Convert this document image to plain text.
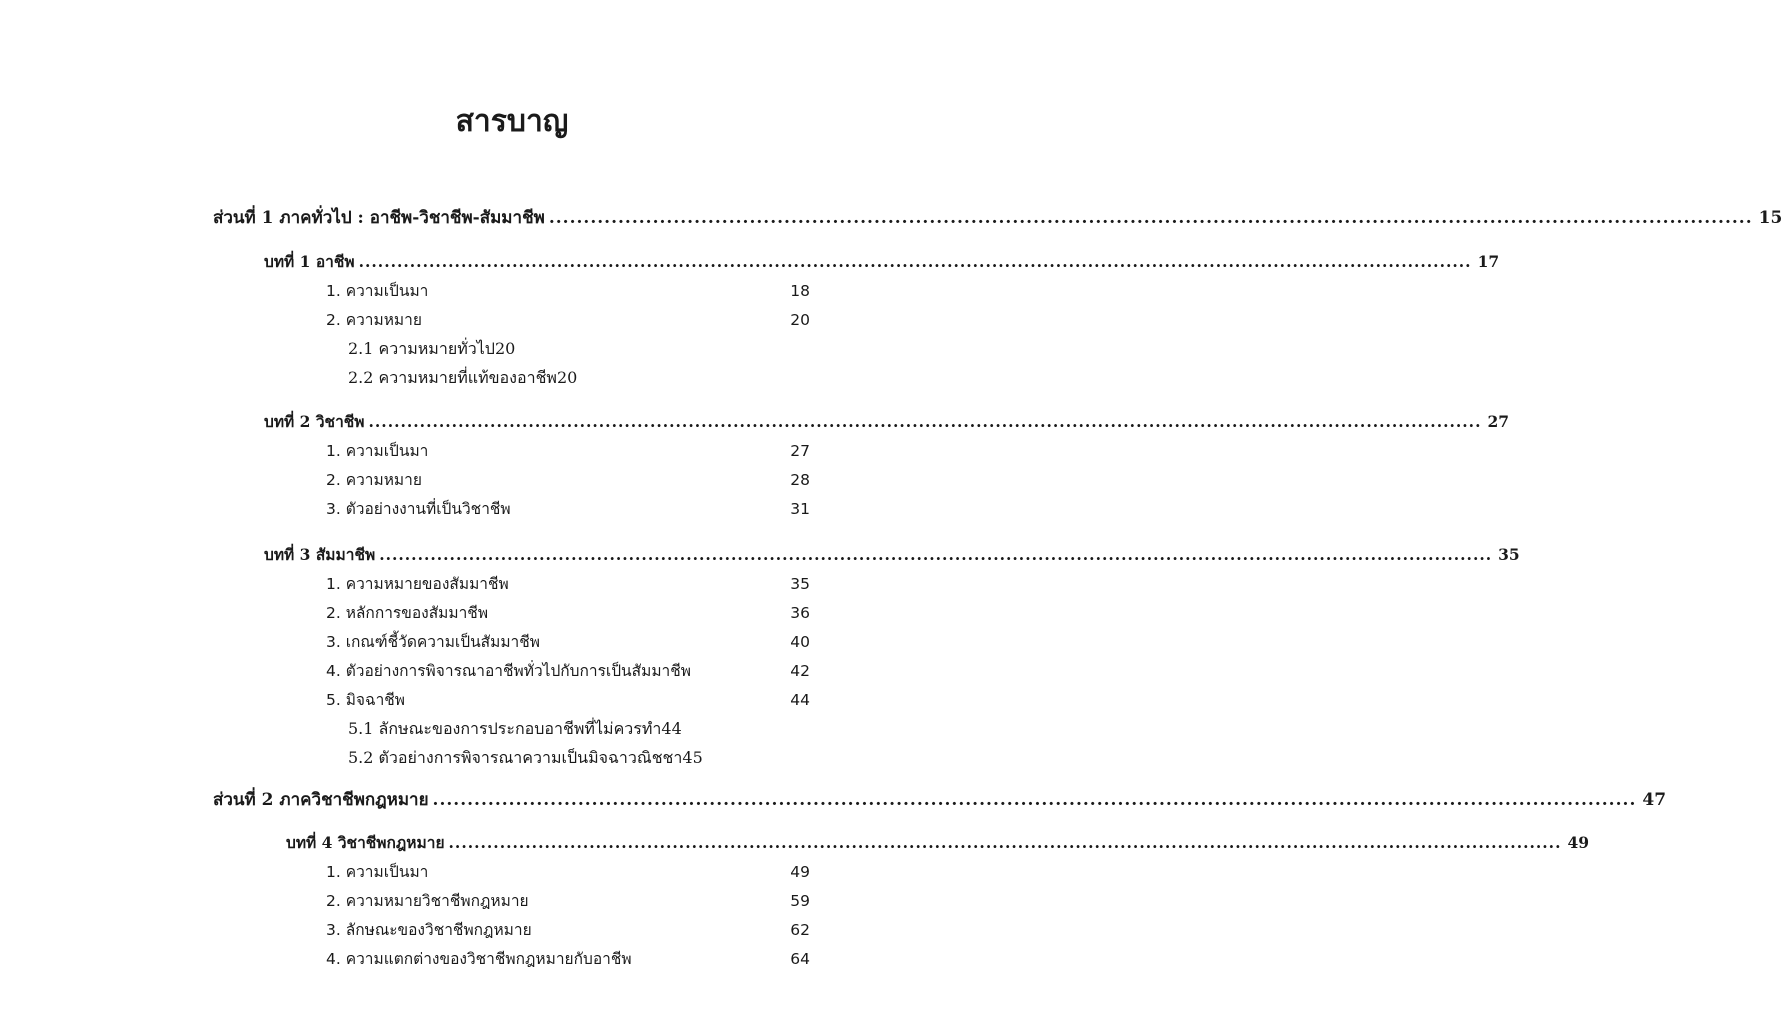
สารบาญ
ส่วนที่ 1 ภาคทั่วไป : อาชีพ-วิชาชีพ-สัมมาชีพ .............................................................................................................................................................................. 15
บทที่ 1 อาชีพ .............................................................................................................................................................................. 17
1. ความเป็นมา	18
2. ความหมาย	20
2.1 ความหมายทั่วไป 20
2.2 ความหมายที่แท้ของอาชีพ 20
บทที่ 2 วิชาชีพ .............................................................................................................................................................................. 27
1. ความเป็นมา	27
2. ความหมาย	28
3. ตัวอย่างงานที่เป็นวิชาชีพ	31
บทที่ 3 สัมมาชีพ .............................................................................................................................................................................. 35
1. ความหมายของสัมมาชีพ	35
2. หลักการของสัมมาชีพ	36
3. เกณฑ์ชี้วัดความเป็นสัมมาชีพ	40
4. ตัวอย่างการพิจารณาอาชีพทั่วไปกับการเป็นสัมมาชีพ	42
5. มิจฉาชีพ	44
5.1 ลักษณะของการประกอบอาชีพที่ไม่ควรทำ 44
5.2 ตัวอย่างการพิจารณาความเป็นมิจฉาวณิชชา 45
ส่วนที่ 2 ภาควิชาชีพกฎหมาย .............................................................................................................................................................................. 47
บทที่ 4 วิชาชีพกฎหมาย .............................................................................................................................................................................. 49
1. ความเป็นมา	49
2. ความหมายวิชาชีพกฎหมาย	59
3. ลักษณะของวิชาชีพกฎหมาย	62
4. ความแตกต่างของวิชาชีพกฎหมายกับอาชีพ	64
